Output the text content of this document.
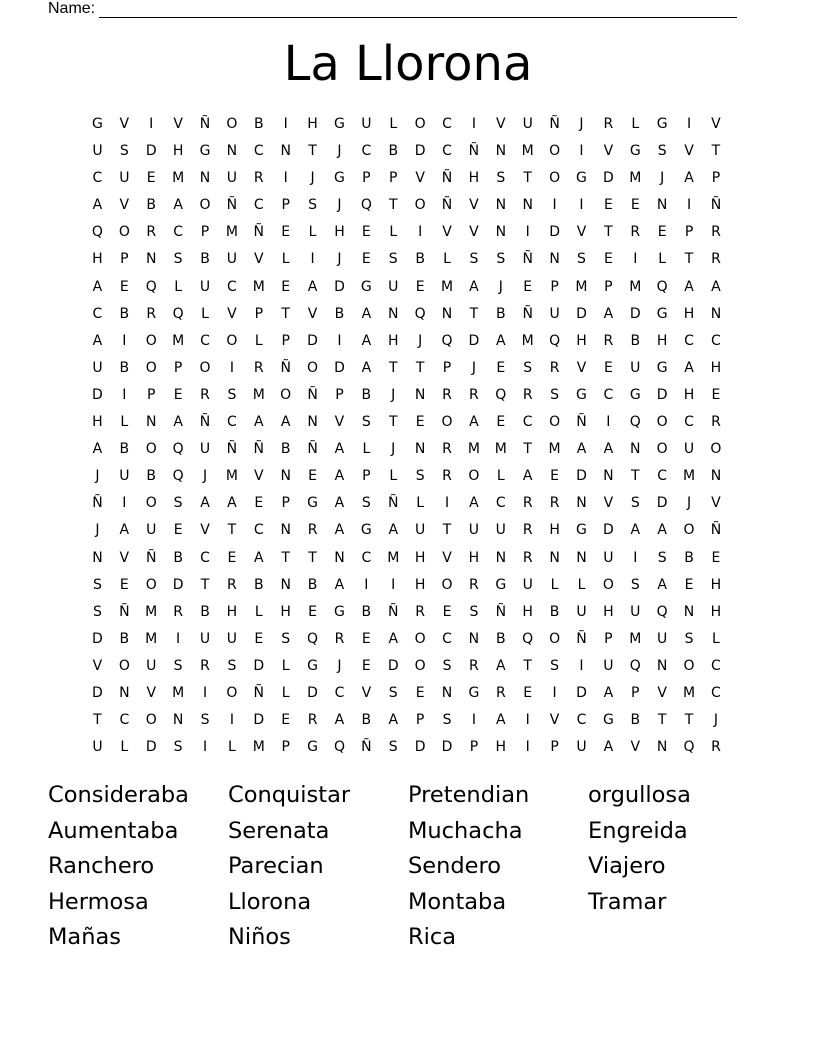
Name:
La Llorona
G	V	I	V	Ñ	O	B	I	H	G	U	L	O	C	I	V	U	Ñ	J	R	L	G	I	V
U	S	D	H	G	N	C	N	T	J	C	B	D	C	Ñ	N	M	O	I	V	G	S	V	T
C	U	E	M	N	U	R	I	J	G	P	P	V	Ñ	H	S	T	O	G	D	M	J	A	P
A	V	B	A	O	Ñ	C	P	S	J	Q	T	O	Ñ	V	N	N	I	I	E	E	N	I	Ñ
Q	O	R	C	P	M	Ñ	E	L	H	E	L	I	V	V	N	I	D	V	T	R	E	P	R
H	P	N	S	B	U	V	L	I	J	E	S	B	L	S	S	Ñ	N	S	E	I	L	T	R
A	E	Q	L	U	C	M	E	A	D	G	U	E	M	A	J	E	P	M	P	M	Q	A	A
C	B	R	Q	L	V	P	T	V	B	A	N	Q	N	T	B	Ñ	U	D	A	D	G	H	N
A	I	O	M	C	O	L	P	D	I	A	H	J	Q	D	A	M	Q	H	R	B	H	C	C
U	B	O	P	O	I	R	Ñ	O	D	A	T	T	P	J	E	S	R	V	E	U	G	A	H
D	I	P	E	R	S	M	O	Ñ	P	B	J	N	R	R	Q	R	S	G	C	G	D	H	E
H	L	N	A	Ñ	C	A	A	N	V	S	T	E	O	A	E	C	O	Ñ	I	Q	O	C	R
A	B	O	Q	U	Ñ	Ñ	B	Ñ	A	L	J	N	R	M	M	T	M	A	A	N	O	U	O
J	U	B	Q	J	M	V	N	E	A	P	L	S	R	O	L	A	E	D	N	T	C	M	N
Ñ	I	O	S	A	A	E	P	G	A	S	Ñ	L	I	A	C	R	R	N	V	S	D	J	V
J	A	U	E	V	T	C	N	R	A	G	A	U	T	U	U	R	H	G	D	A	A	O	Ñ
N	V	Ñ	B	C	E	A	T	T	N	C	M	H	V	H	N	R	N	N	U	I	S	B	E
S	E	O	D	T	R	B	N	B	A	I	I	H	O	R	G	U	L	L	O	S	A	E	H
S	Ñ	M	R	B	H	L	H	E	G	B	Ñ	R	E	S	Ñ	H	B	U	H	U	Q	N	H
D	B	M	I	U	U	E	S	Q	R	E	A	O	C	N	B	Q	O	Ñ	P	M	U	S	L
V	O	U	S	R	S	D	L	G	J	E	D	O	S	R	A	T	S	I	U	Q	N	O	C
D	N	V	M	I	O	Ñ	L	D	C	V	S	E	N	G	R	E	I	D	A	P	V	M	C
T	C	O	N	S	I	D	E	R	A	B	A	P	S	I	A	I	V	C	G	B	T	T	J
U	L	D	S	I	L	M	P	G	Q	Ñ	S	D	D	P	H	I	P	U	A	V	N	Q	R
Consideraba	Conquistar	Pretendian	orgullosa
Aumentaba	Serenata	Muchacha	Engreida
Ranchero	Parecian	Sendero	Viajero
Hermosa	Llorona	Montaba	Tramar
Mañas	Niños	Rica
